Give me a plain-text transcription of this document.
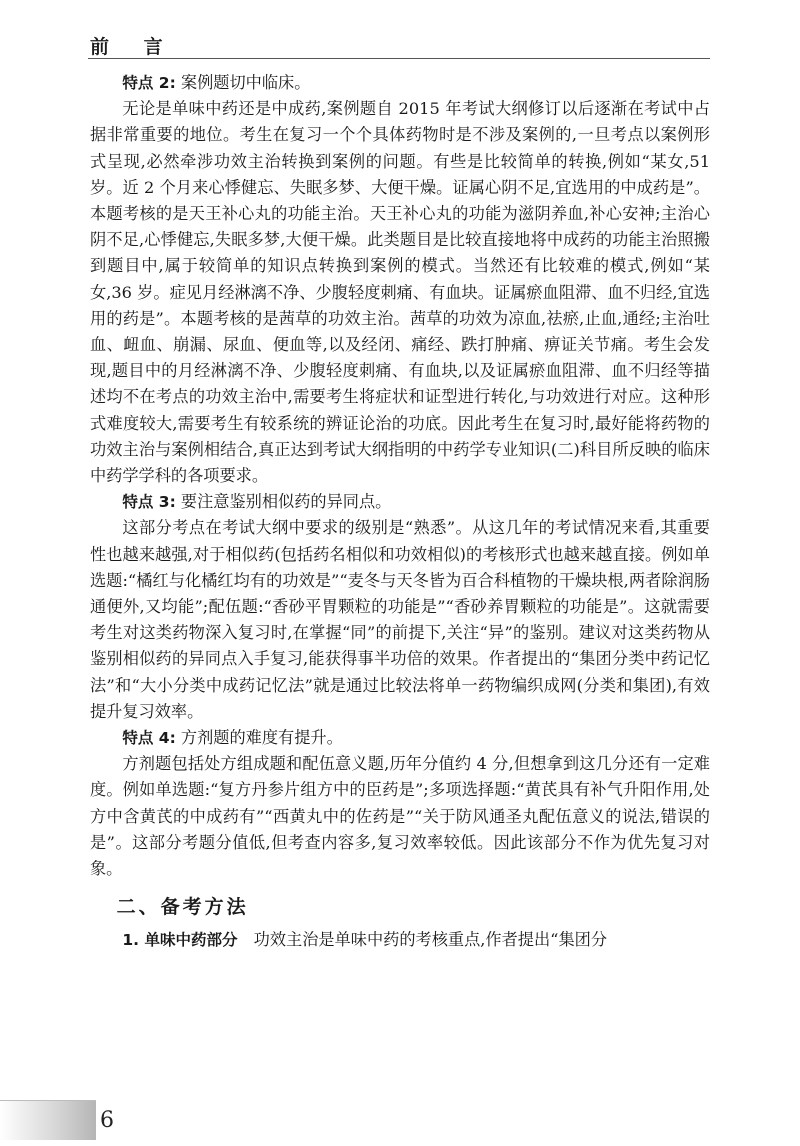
前 言

特点 2: 案例题切中临床。

无论是单味中药还是中成药,案例题自 2015 年考试大纲修订以后逐渐在考试中占据非常重要的地位。考生在复习一个个具体药物时是不涉及案例的,一旦考点以案例形式呈现,必然牵涉功效主治转换到案例的问题。有些是比较简单的转换,例如“某女,51 岁。近 2 个月来心悸健忘、失眠多梦、大便干燥。证属心阴不足,宜选用的中成药是”。本题考核的是天王补心丸的功能主治。天王补心丸的功能为滋阴养血,补心安神;主治心阴不足,心悸健忘,失眠多梦,大便干燥。此类题目是比较直接地将中成药的功能主治照搬到题目中,属于较简单的知识点转换到案例的模式。当然还有比较难的模式,例如“某女,36 岁。症见月经淋漓不净、少腹轻度刺痛、有血块。证属瘀血阻滞、血不归经,宜选用的药是”。本题考核的是茜草的功效主治。茜草的功效为凉血,祛瘀,止血,通经;主治吐血、衄血、崩漏、尿血、便血等,以及经闭、痛经、跌打肿痛、痹证关节痛。考生会发现,题目中的月经淋漓不净、少腹轻度刺痛、有血块,以及证属瘀血阻滞、血不归经等描述均不在考点的功效主治中,需要考生将症状和证型进行转化,与功效进行对应。这种形式难度较大,需要考生有较系统的辨证论治的功底。因此考生在复习时,最好能将药物的功效主治与案例相结合,真正达到考试大纲指明的中药学专业知识(二)科目所反映的临床中药学学科的各项要求。

特点 3: 要注意鉴别相似药的异同点。

这部分考点在考试大纲中要求的级别是“熟悉”。从这几年的考试情况来看,其重要性也越来越强,对于相似药(包括药名相似和功效相似)的考核形式也越来越直接。例如单选题:“橘红与化橘红均有的功效是”“麦冬与天冬皆为百合科植物的干燥块根,两者除润肠通便外,又均能”;配伍题:“香砂平胃颗粒的功能是”“香砂养胃颗粒的功能是”。这就需要考生对这类药物深入复习时,在掌握“同”的前提下,关注“异”的鉴别。建议对这类药物从鉴别相似药的异同点入手复习,能获得事半功倍的效果。作者提出的“集团分类中药记忆法”和“大小分类中成药记忆法”就是通过比较法将单一药物编织成网(分类和集团),有效提升复习效率。

特点 4: 方剂题的难度有提升。

方剂题包括处方组成题和配伍意义题,历年分值约 4 分,但想拿到这几分还有一定难度。例如单选题:“复方丹参片组方中的臣药是”;多项选择题:“黄芪具有补气升阳作用,处方中含黄芪的中成药有”“西黄丸中的佐药是”“关于防风通圣丸配伍意义的说法,错误的是”。这部分考题分值低,但考查内容多,复习效率较低。因此该部分不作为优先复习对象。

二、备考方法

1. 单味中药部分　功效主治是单味中药的考核重点,作者提出“集团分

6
